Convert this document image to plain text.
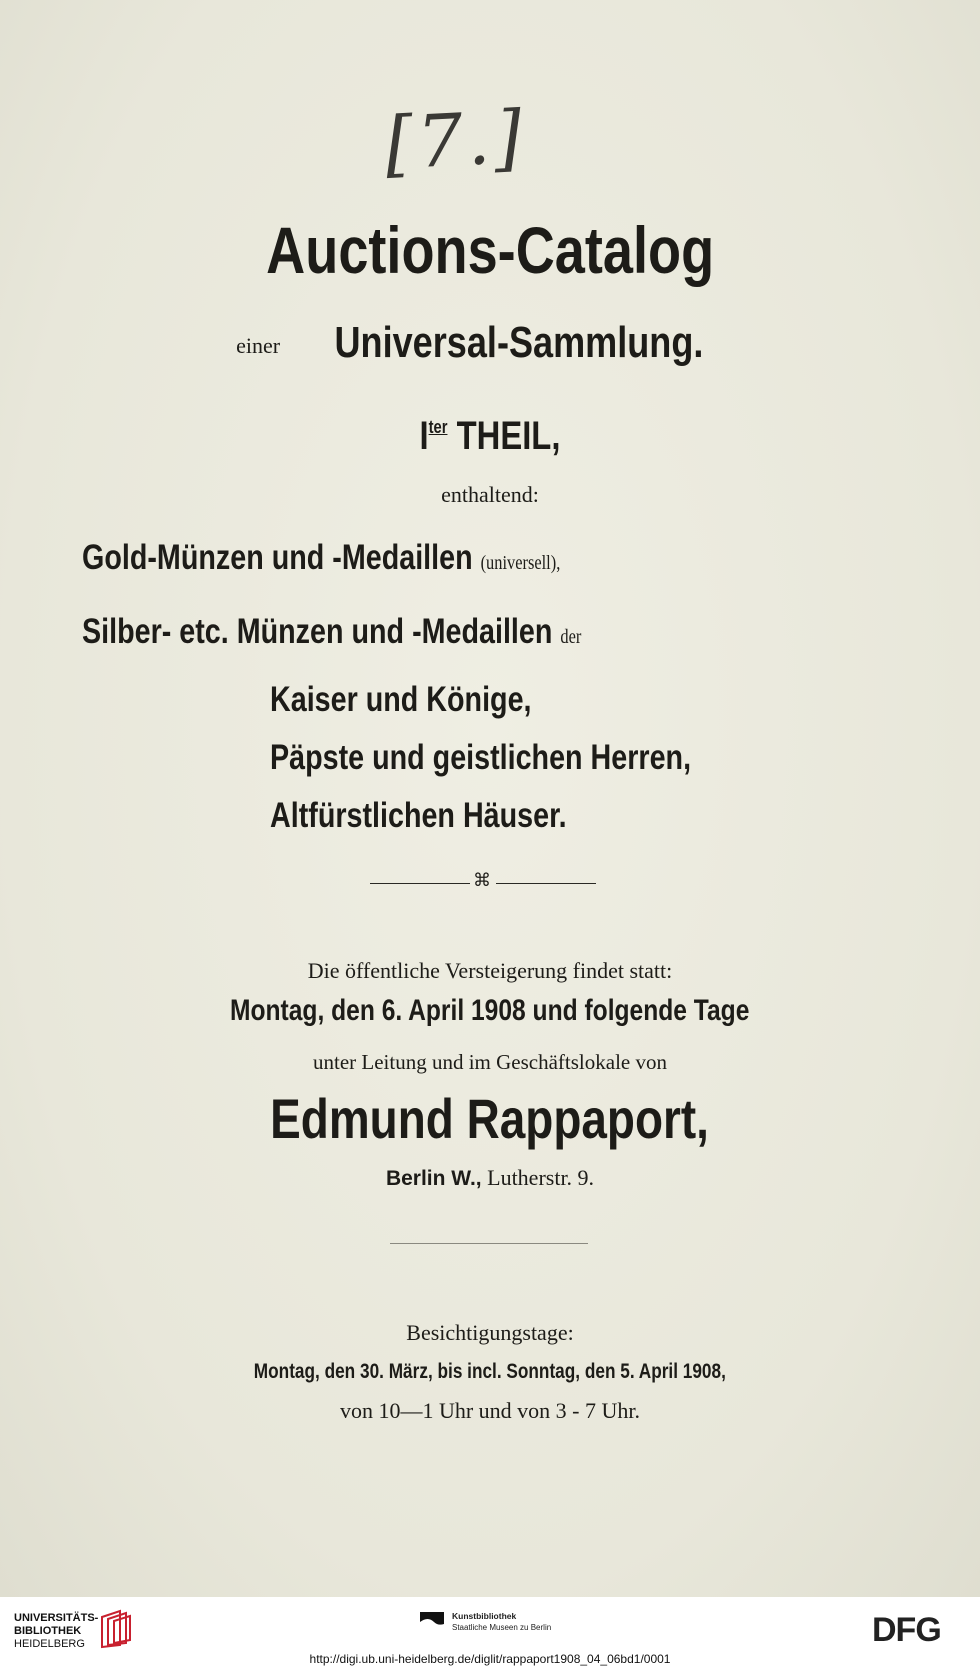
[7.]
Auctions-Catalog
einer Universal-Sammlung.
$I^{ter}$ THEIL,
enthaltend:
Gold-Münzen und -Medaillen (universell),
Silber- etc. Münzen und -Medaillen der
Kaiser und Könige,
Päpste und geistlichen Herren,
Altfürstlichen Häuser.
⌘
Die öffentliche Versteigerung findet statt:
Montag, den 6. April 1908 und folgende Tage
unter Leitung und im Geschäftslokale von
Edmund Rappaport,
Berlin W., Lutherstr. 9.
Besichtigungstage:
Montag, den 30. März, bis incl. Sonntag, den 5. April 1908,
von 10—1 Uhr und von 3 - 7 Uhr.
UNIVERSITÄTS-
BIBLIOTHEK
HEIDELBERG
Kunstbibliothek
Staatliche Museen zu Berlin	DFG
http://digi.ub.uni-heidelberg.de/diglit/rappaport1908_04_06bd1/0001
